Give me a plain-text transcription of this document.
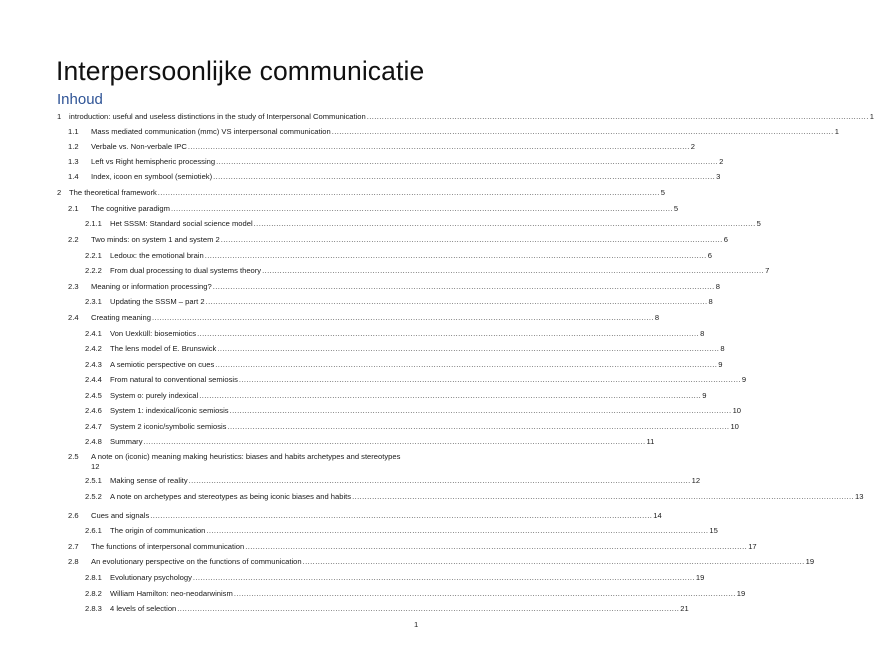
Interpersoonlijke communicatie
Inhoud
1 introduction: useful and useless distinctions in the study of Interpersonal Communication ........................................................................................................................................................................................................ 1
1.1 Mass mediated communication (mmc) VS interpersonal communication ........................................................................................................................................................................................................ 1
1.2 Verbale vs. Non-verbale IPC ........................................................................................................................................................................................................ 2
1.3 Left vs Right hemispheric processing ........................................................................................................................................................................................................ 2
1.4 Index, icoon en symbool (semiotiek) ........................................................................................................................................................................................................ 3
2 The theoretical framework ........................................................................................................................................................................................................ 5
2.1 The cognitive paradigm ........................................................................................................................................................................................................ 5
2.1.1 Het SSSM: Standard social science model ........................................................................................................................................................................................................ 5
2.2 Two minds: on system 1 and system 2 ........................................................................................................................................................................................................ 6
2.2.1 Ledoux: the emotional brain ........................................................................................................................................................................................................ 6
2.2.2 From dual processing to dual systems theory ........................................................................................................................................................................................................ 7
2.3 Meaning or information processing? ........................................................................................................................................................................................................ 8
2.3.1 Updating the SSSM – part 2 ........................................................................................................................................................................................................ 8
2.4 Creating meaning ........................................................................................................................................................................................................ 8
2.4.1 Von Uexküll: biosemiotics ........................................................................................................................................................................................................ 8
2.4.2 The lens model of E. Brunswick ........................................................................................................................................................................................................ 8
2.4.3 A semiotic perspective on cues ........................................................................................................................................................................................................ 9
2.4.4 From natural to conventional semiosis ........................................................................................................................................................................................................ 9
2.4.5 System o: purely indexical ........................................................................................................................................................................................................ 9
2.4.6 System 1: indexical/iconic semiosis ........................................................................................................................................................................................................ 10
2.4.7 System 2 iconic/symbolic semiosis ........................................................................................................................................................................................................ 10
2.4.8 Summary ........................................................................................................................................................................................................ 11
2.5 A note on (iconic) meaning making heuristics: biases and habits archetypes and stereotypes
12
2.5.1 Making sense of reality ........................................................................................................................................................................................................ 12
2.5.2 A note on archetypes and stereotypes as being iconic biases and habits ........................................................................................................................................................................................................ 13
2.6 Cues and signals ........................................................................................................................................................................................................ 14
2.6.1 The origin of communication ........................................................................................................................................................................................................ 15
2.7 The functions of interpersonal communication ........................................................................................................................................................................................................ 17
2.8 An evolutionary perspective on the functions of communication ........................................................................................................................................................................................................ 19
2.8.1 Evolutionary psychology ........................................................................................................................................................................................................ 19
2.8.2 William Hamilton: neo-neodarwinism ........................................................................................................................................................................................................ 19
2.8.3 4 levels of selection ........................................................................................................................................................................................................ 21
1
